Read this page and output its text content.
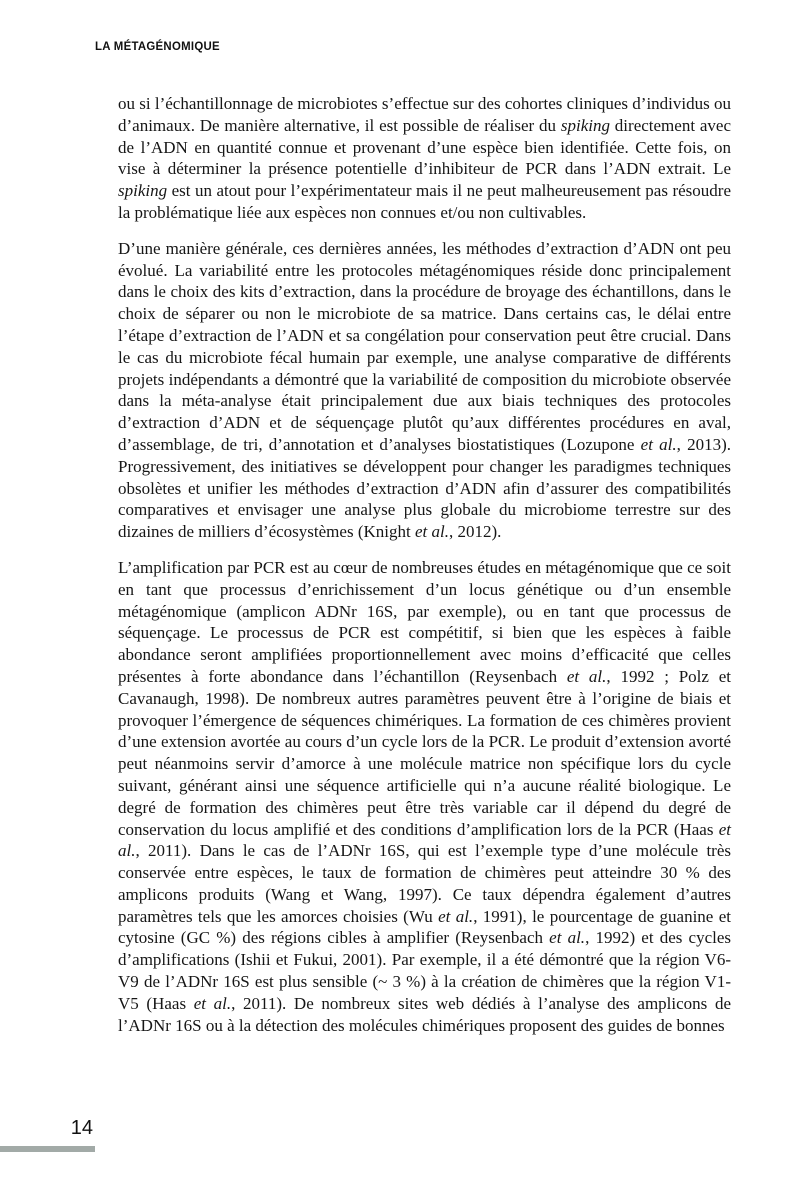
LA MÉTAGÉNOMIQUE

ou si l’échantillonnage de microbiotes s’effectue sur des cohortes cliniques d’individus ou d’animaux. De manière alternative, il est possible de réaliser du spiking directement avec de l’ADN en quantité connue et provenant d’une espèce bien identifiée. Cette fois, on vise à déterminer la présence potentielle d’inhibiteur de PCR dans l’ADN extrait. Le spiking est un atout pour l’expérimentateur mais il ne peut malheureusement pas résoudre la problématique liée aux espèces non connues et/ou non cultivables.

D’une manière générale, ces dernières années, les méthodes d’extraction d’ADN ont peu évolué. La variabilité entre les protocoles métagénomiques réside donc principalement dans le choix des kits d’extraction, dans la procédure de broyage des échantillons, dans le choix de séparer ou non le microbiote de sa matrice. Dans certains cas, le délai entre l’étape d’extraction de l’ADN et sa congélation pour conservation peut être crucial. Dans le cas du microbiote fécal humain par exemple, une analyse comparative de différents projets indépendants a démontré que la variabilité de composition du microbiote observée dans la méta-analyse était principalement due aux biais techniques des protocoles d’extraction d’ADN et de séquençage plutôt qu’aux différentes procédures en aval, d’assemblage, de tri, d’annotation et d’analyses biostatistiques (Lozupone et al., 2013). Progressivement, des initiatives se développent pour changer les paradigmes techniques obsolètes et unifier les méthodes d’extraction d’ADN afin d’assurer des compatibilités comparatives et envisager une analyse plus globale du microbiome terrestre sur des dizaines de milliers d’écosystèmes (Knight et al., 2012).

L’amplification par PCR est au cœur de nombreuses études en métagénomique que ce soit en tant que processus d’enrichissement d’un locus génétique ou d’un ensemble métagénomique (amplicon ADNr 16S, par exemple), ou en tant que processus de séquençage. Le processus de PCR est compétitif, si bien que les espèces à faible abondance seront amplifiées proportionnellement avec moins d’efficacité que celles présentes à forte abondance dans l’échantillon (Reysenbach et al., 1992 ; Polz et Cavanaugh, 1998). De nombreux autres paramètres peuvent être à l’origine de biais et provoquer l’émergence de séquences chimériques. La formation de ces chimères provient d’une extension avortée au cours d’un cycle lors de la PCR. Le produit d’extension avorté peut néanmoins servir d’amorce à une molécule matrice non spécifique lors du cycle suivant, générant ainsi une séquence artificielle qui n’a aucune réalité biologique. Le degré de formation des chimères peut être très variable car il dépend du degré de conservation du locus amplifié et des conditions d’amplification lors de la PCR (Haas et al., 2011). Dans le cas de l’ADNr 16S, qui est l’exemple type d’une molécule très conservée entre espèces, le taux de formation de chimères peut atteindre 30 % des amplicons produits (Wang et Wang, 1997). Ce taux dépendra également d’autres paramètres tels que les amorces choisies (Wu et al., 1991), le pourcentage de guanine et cytosine (GC %) des régions cibles à amplifier (Reysenbach et al., 1992) et des cycles d’amplifications (Ishii et Fukui, 2001). Par exemple, il a été démontré que la région V6-V9 de l’ADNr 16S est plus sensible (~ 3 %) à la création de chimères que la région V1-V5 (Haas et al., 2011). De nombreux sites web dédiés à l’analyse des amplicons de l’ADNr 16S ou à la détection des molécules chimériques proposent des guides de bonnes

14
